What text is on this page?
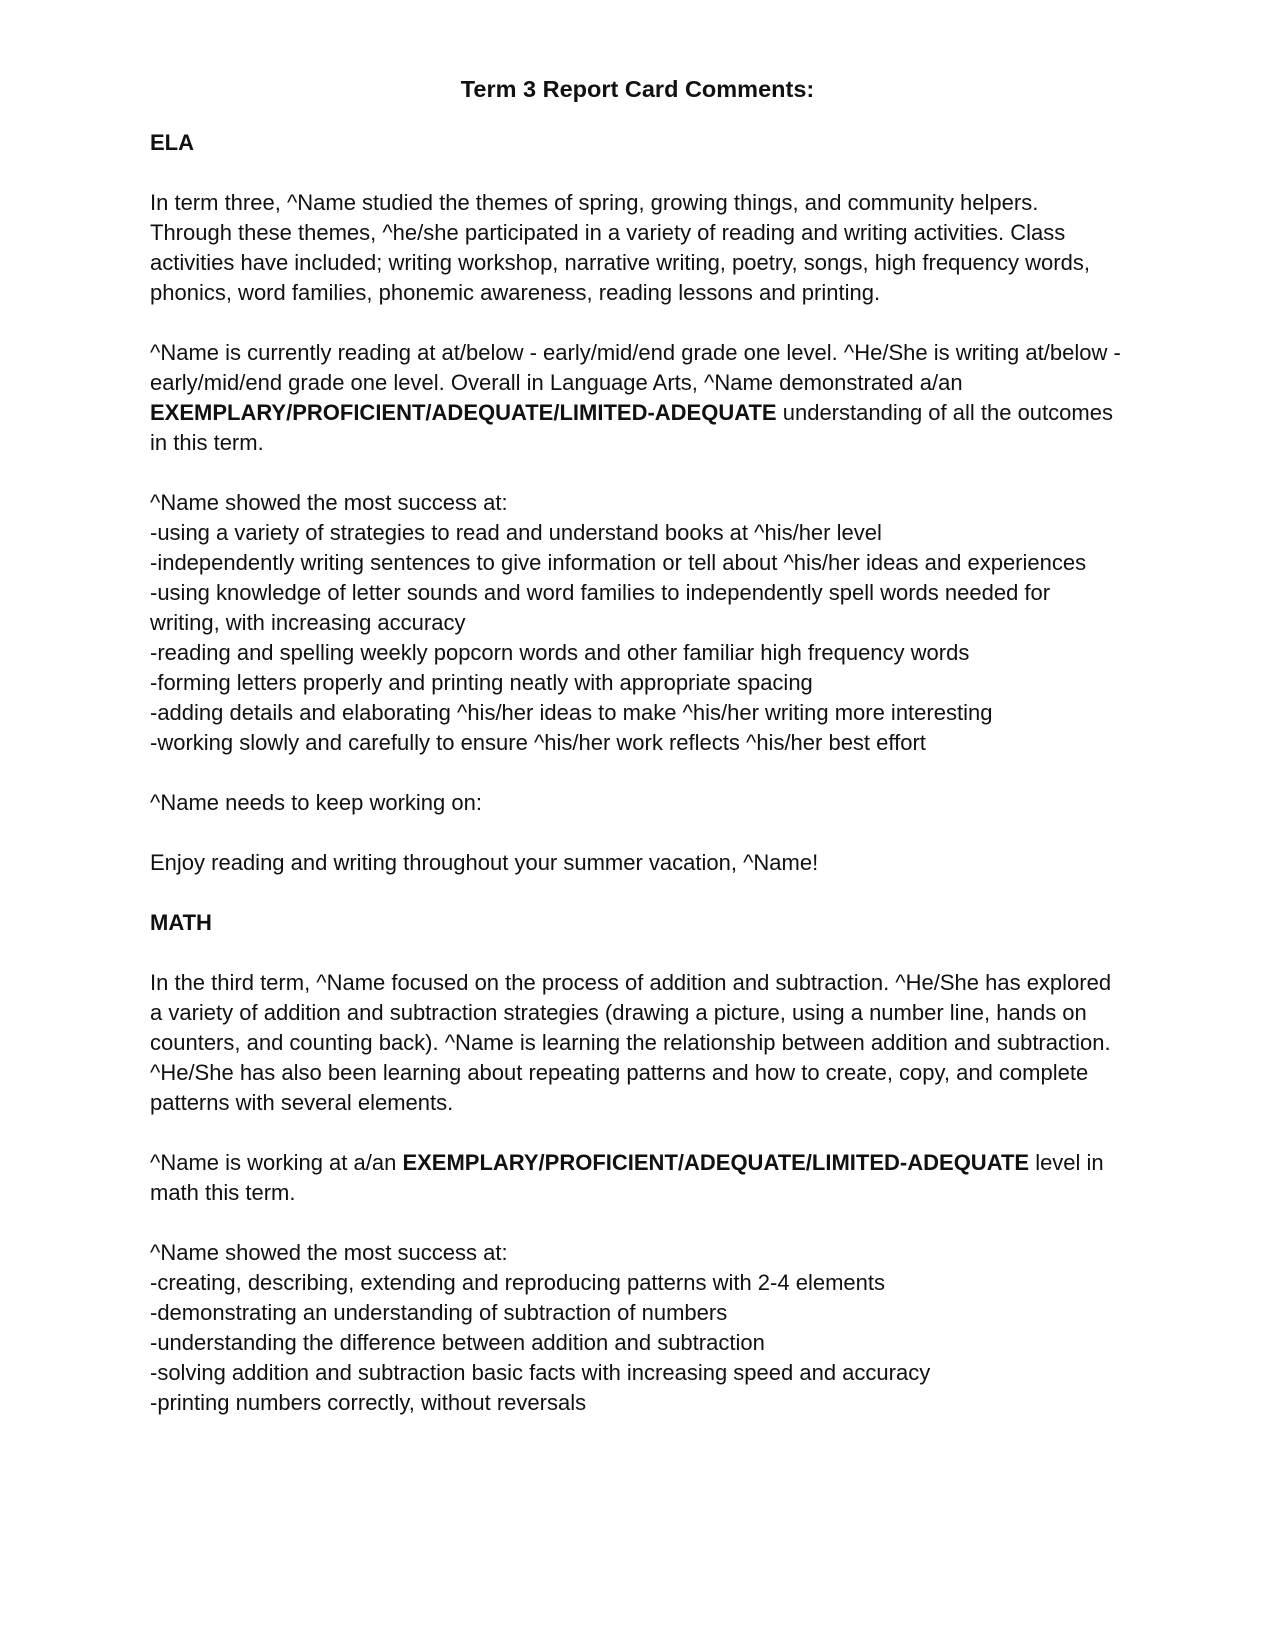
Term 3 Report Card Comments:
ELA

In term three, ^Name studied the themes of spring, growing things, and community helpers. Through these themes, ^he/she participated in a variety of reading and writing activities. Class activities have included; writing workshop, narrative writing, poetry, songs, high frequency words, phonics, word families, phonemic awareness, reading lessons and printing.

^Name is currently reading at at/below - early/mid/end grade one level. ^He/She is writing at/below - early/mid/end grade one level. Overall in Language Arts, ^Name demonstrated a/an EXEMPLARY/PROFICIENT/ADEQUATE/LIMITED-ADEQUATE understanding of all the outcomes in this term.

^Name showed the most success at:
-using a variety of strategies to read and understand books at ^his/her level
-independently writing sentences to give information or tell about ^his/her ideas and experiences
-using knowledge of letter sounds and word families to independently spell words needed for writing, with increasing accuracy
-reading and spelling weekly popcorn words and other familiar high frequency words
-forming letters properly and printing neatly with appropriate spacing
-adding details and elaborating ^his/her ideas to make ^his/her writing more interesting
-working slowly and carefully to ensure ^his/her work reflects ^his/her best effort

^Name needs to keep working on:

Enjoy reading and writing throughout your summer vacation, ^Name!

MATH

In the third term, ^Name focused on the process of addition and subtraction. ^He/She has explored a variety of addition and subtraction strategies (drawing a picture, using a number line, hands on counters, and counting back). ^Name is learning the relationship between addition and subtraction. ^He/She has also been learning about repeating patterns and how to create, copy, and complete patterns with several elements.

^Name is working at a/an EXEMPLARY/PROFICIENT/ADEQUATE/LIMITED-ADEQUATE level in math this term.

^Name showed the most success at:
-creating, describing, extending and reproducing patterns with 2-4 elements
-demonstrating an understanding of subtraction of numbers
-understanding the difference between addition and subtraction
-solving addition and subtraction basic facts with increasing speed and accuracy
-printing numbers correctly, without reversals
